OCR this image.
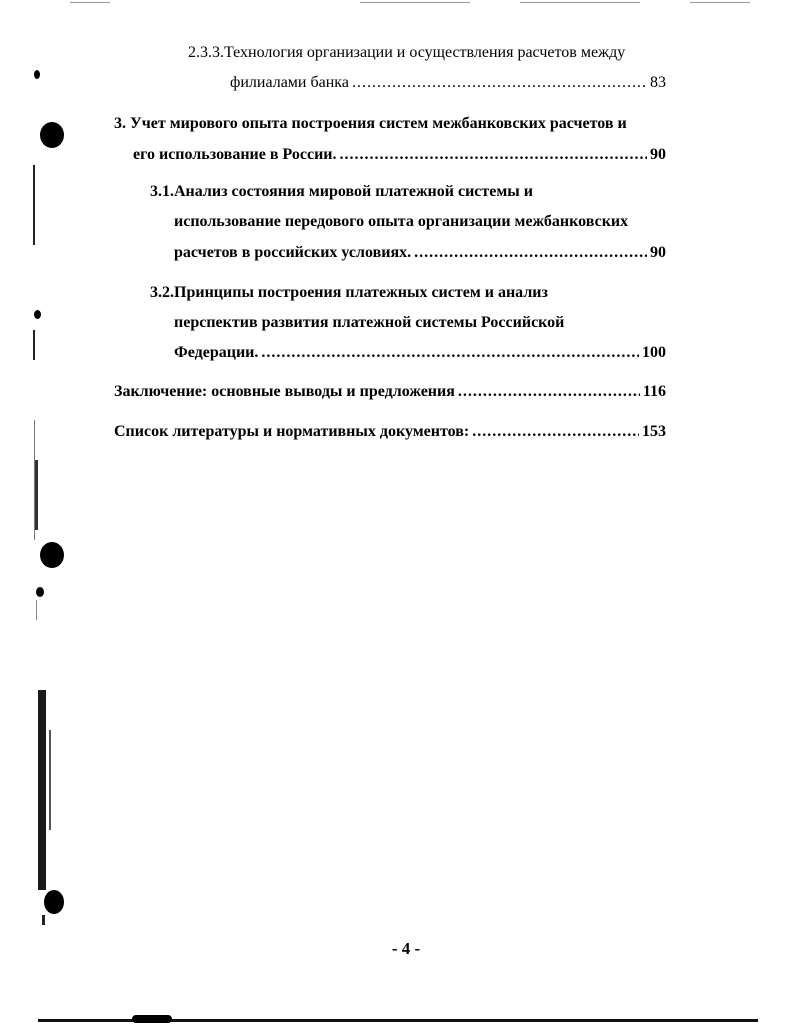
2.3.3.Технология организации и осуществления расчетов между
филиалами банка .....	83
3. Учет мирового опыта построения систем межбанковских расчетов и
его использование в России. .....	90
3.1.Анализ состояния мировой платежной системы и
использование передового опыта организации межбанковских
расчетов в российских условиях. .....	90
3.2.Принципы построения платежных систем и анализ
перспектив развития платежной системы Российской
Федерации. .....	100
Заключение: основные выводы и предложения .....	116
Список литературы и нормативных документов: .....	153
- 4 -
